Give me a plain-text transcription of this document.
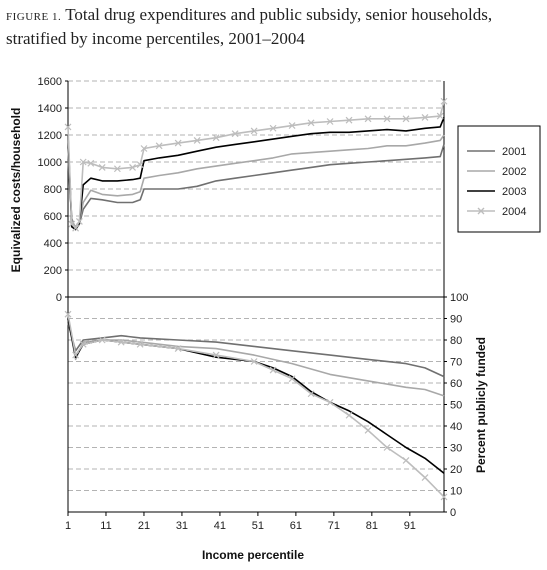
FIGURE 1. Total drug expenditures and public subsidy, senior households, stratified by income percentiles, 2001–2004
0
200
400
600
800
1000
1200
1400
1600
0
10
20
30
40
50
60
70
80
90
100
1	11 21 31 41 51 61 71 81 91
Equivalized costs/household
Percent publicly funded
Income percentile
2001
2002
2003
2004
